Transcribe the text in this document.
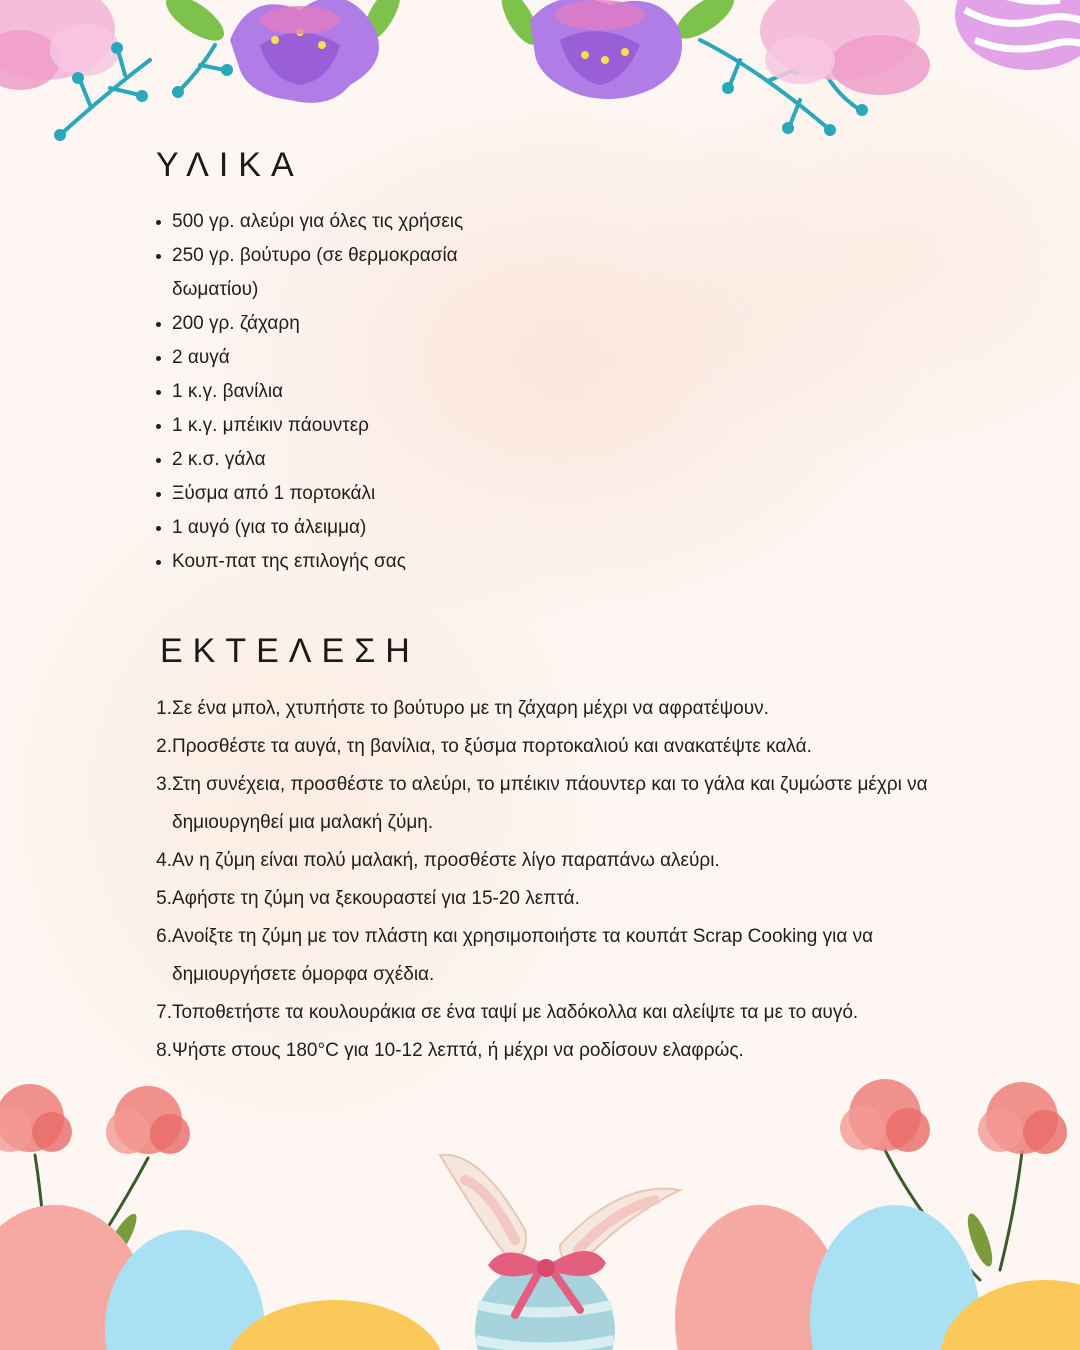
ΥΛΙΚΑ
500 γρ. αλεύρι για όλες τις χρήσεις
250 γρ. βούτυρο (σε θερμοκρασία δωματίου)
200 γρ. ζάχαρη
2 αυγά
1 κ.γ. βανίλια
1 κ.γ. μπέικιν πάουντερ
2 κ.σ. γάλα
Ξύσμα από 1 πορτοκάλι
1 αυγό (για το άλειμμα)
Κουπ-πατ της επιλογής σας
ΕΚΤΕΛΕΣΗ
1. Σε ένα μπολ, χτυπήστε το βούτυρο με τη ζάχαρη μέχρι να αφρατέψουν.
2. Προσθέστε τα αυγά, τη βανίλια, το ξύσμα πορτοκαλιού και ανακατέψτε καλά.
3. Στη συνέχεια, προσθέστε το αλεύρι, το μπέικιν πάουντερ και το γάλα και ζυμώστε μέχρι να δημιουργηθεί μια μαλακή ζύμη.
4. Αν η ζύμη είναι πολύ μαλακή, προσθέστε λίγο παραπάνω αλεύρι.
5. Αφήστε τη ζύμη να ξεκουραστεί για 15-20 λεπτά.
6. Ανοίξτε τη ζύμη με τον πλάστη και χρησιμοποιήστε τα κουπάτ Scrap Cooking για να δημιουργήσετε όμορφα σχέδια.
7. Τοποθετήστε τα κουλουράκια σε ένα ταψί με λαδόκολλα και αλείψτε τα με το αυγό.
8. Ψήστε στους 180°C για 10-12 λεπτά, ή μέχρι να ροδίσουν ελαφρώς.
